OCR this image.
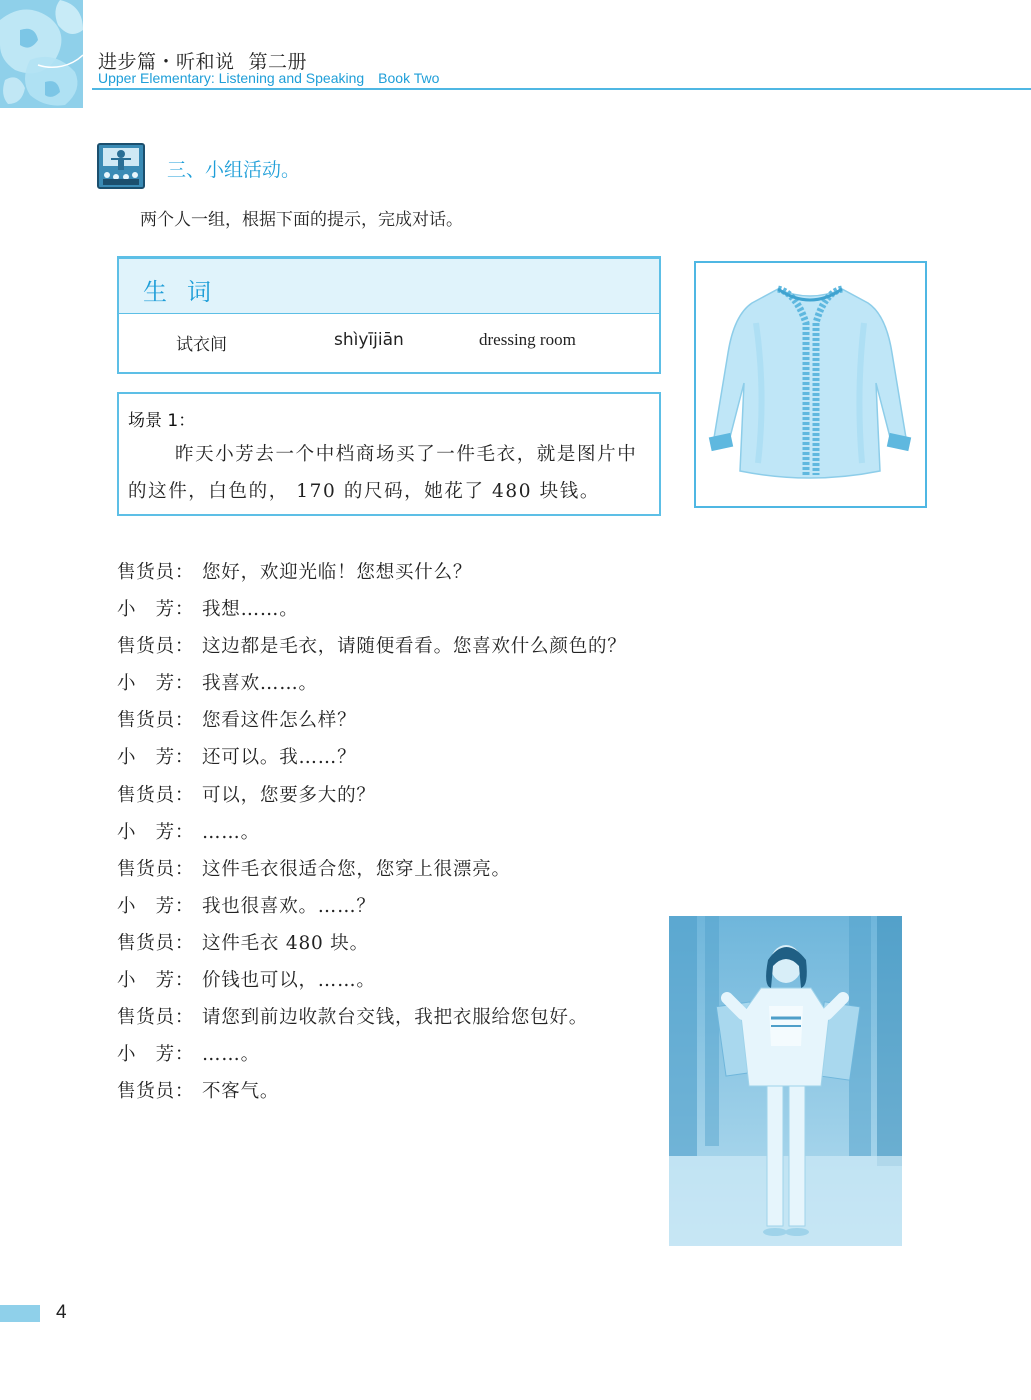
进步篇・听和说 第二册
Upper Elementary: Listening and Speaking Book Two
三、小组活动。
两个人一组，根据下面的提示，完成对话。
生词
试衣间	shìyījiān	dressing room
场景 1：
昨天小芳去一个中档商场买了一件毛衣，就是图片中的这件，白色的， 170 的尺码，她花了 480 块钱。
售货员： 您好，欢迎光临！您想买什么？
小　芳： 我想……。
售货员： 这边都是毛衣，请随便看看。您喜欢什么颜色的？
小　芳： 我喜欢……。
售货员： 您看这件怎么样？
小　芳： 还可以。我……？
售货员： 可以，您要多大的？
小　芳： ……。
售货员： 这件毛衣很适合您，您穿上很漂亮。
小　芳： 我也很喜欢。……？
售货员： 这件毛衣 480 块。
小　芳： 价钱也可以，……。
售货员： 请您到前边收款台交钱，我把衣服给您包好。
小　芳： ……。
售货员： 不客气。
4
